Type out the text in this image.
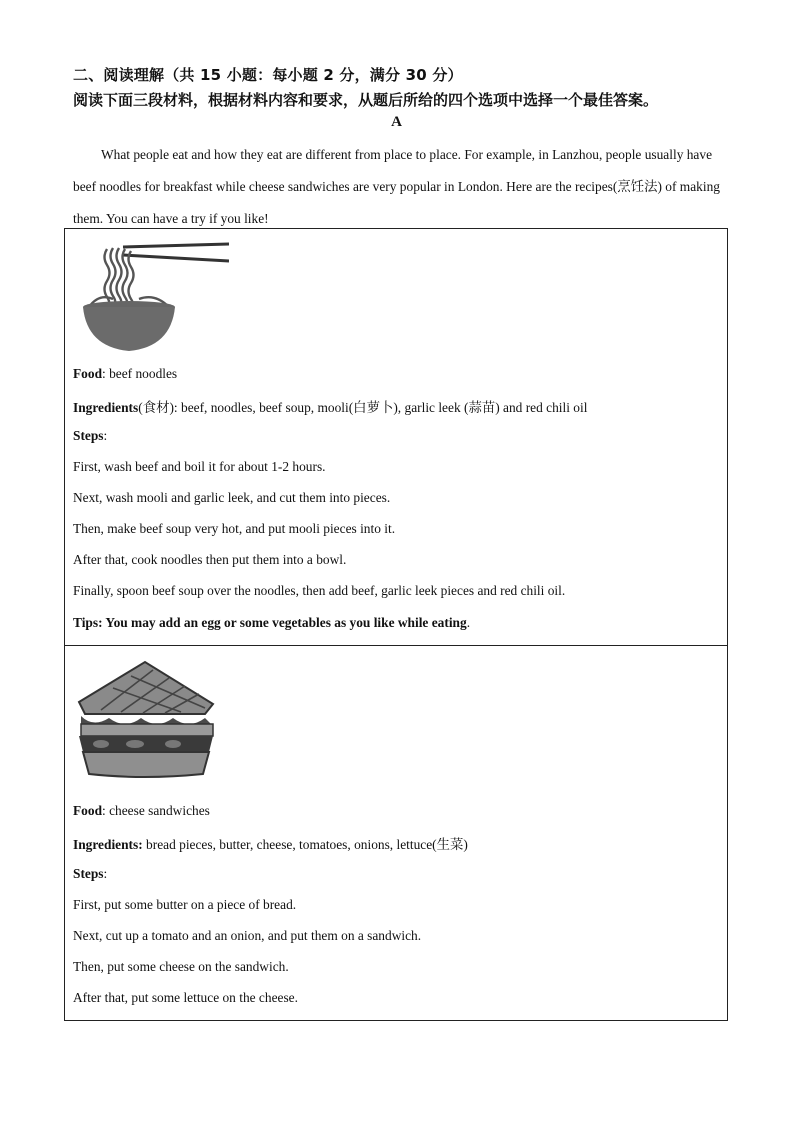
二、阅读理解（共 15 小题：每小题 2 分，满分 30 分）
阅读下面三段材料，根据材料内容和要求，从题后所给的四个选项中选择一个最佳答案。
A

What people eat and how they eat are different from place to place. For example, in Lanzhou, people usually have beef noodles for breakfast while cheese sandwiches are very popular in London. Here are the recipes(烹饪法) of making them. You can have a try if you like!

Food: beef noodles
Ingredients(食材): beef, noodles, beef soup, mooli(白萝卜), garlic leek (蒜苗) and red chili oil
Steps:
First, wash beef and boil it for about 1-2 hours.
Next, wash mooli and garlic leek, and cut them into pieces.
Then, make beef soup very hot, and put mooli pieces into it.
After that, cook noodles then put them into a bowl.
Finally, spoon beef soup over the noodles, then add beef, garlic leek pieces and red chili oil.
Tips: You may add an egg or some vegetables as you like while eating.
Food: cheese sandwiches
Ingredients: bread pieces, butter, cheese, tomatoes, onions, lettuce(生菜)
Steps:
First, put some butter on a piece of bread.
Next, cut up a tomato and an onion, and put them on a sandwich.
Then, put some cheese on the sandwich.
After that, put some lettuce on the cheese.
